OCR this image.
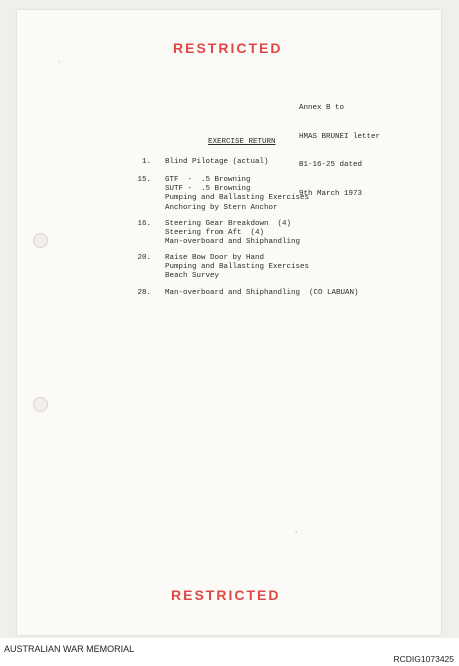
RESTRICTED
˙

Annex B to

HMAS BRUNEI letter

B1-16-25 dated

9th March 1973

EXERCISE RETURN
1. Blind Pilotage (actual)
15. GTF  -  .5 Browning
SUTF -  .5 Browning
Pumping and Ballasting Exercises
Anchoring by Stern Anchor
16. Steering Gear Breakdown  (4)
Steering from Aft  (4)
Man-overboard and Shiphandling
20. Raise Bow Door by Hand
Pumping and Ballasting Exercises
Beach Survey
28. Man-overboard and Shiphandling  (CO LABUAN)
ˎ
RESTRICTED
AUSTRALIAN WAR MEMORIAL
RCDIG1073425
